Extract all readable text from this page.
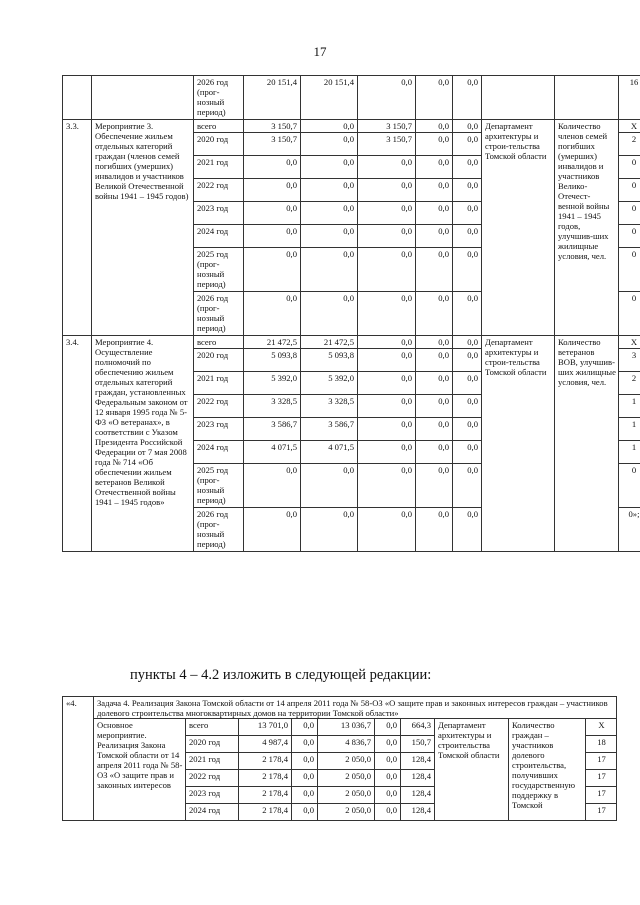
17
		2026 год (прог-нозный период)	20 151,4	20 151,4	0,0	0,0	0,0			16
3.3.	Мероприятие 3. Обеспечение жильем отдельных категорий граждан (членов семей погибших (умерших) инвалидов и участников Великой Отечественной войны 1941 – 1945 годов)	всего	3 150,7	0,0	3 150,7	0,0	0,0	Департамент архитектуры и строи-тельства Томской области	Количество членов семей погибших (умерших) инвалидов и участников Велико-Отечест-венной войны 1941 – 1945 годов, улучшив-ших жилищные условия, чел.	Х
		2020 год	3 150,7	0,0	3 150,7	0,0	0,0			2
		2021 год	0,0	0,0	0,0	0,0	0,0			0
		2022 год	0,0	0,0	0,0	0,0	0,0			0
		2023 год	0,0	0,0	0,0	0,0	0,0			0
		2024 год	0,0	0,0	0,0	0,0	0,0			0
		2025 год (прог-нозный период)	0,0	0,0	0,0	0,0	0,0			0
		2026 год (прог-нозный период)	0,0	0,0	0,0	0,0	0,0			0
3.4.	Мероприятие 4. Осуществление полномочий по обеспечению жильем отдельных категорий граждан, установленных Федеральным законом от 12 января 1995 года № 5-ФЗ «О ветеранах», в соответствии с Указом Президента Российской Федерации от 7 мая 2008 года № 714 «Об обеспечении жильем ветеранов Великой Отечественной войны 1941 – 1945 годов»	всего	21 472,5	21 472,5	0,0	0,0	0,0	Департамент архитектуры и строи-тельства Томской области	Количество ветеранов ВОВ, улучшив-ших жилищные условия, чел.	Х
		2020 год	5 093,8	5 093,8	0,0	0,0	0,0			3
		2021 год	5 392,0	5 392,0	0,0	0,0	0,0			2
		2022 год	3 328,5	3 328,5	0,0	0,0	0,0			1
		2023 год	3 586,7	3 586,7	0,0	0,0	0,0			1
		2024 год	4 071,5	4 071,5	0,0	0,0	0,0			1
		2025 год (прог-нозный период)	0,0	0,0	0,0	0,0	0,0			0
		2026 год (прог-нозный период)	0,0	0,0	0,0	0,0	0,0			0»;
пункты 4 – 4.2 изложить в следующей редакции:
«4.	Задача 4. Реализация Закона Томской области от 14 апреля 2011 года № 58-ОЗ «О защите прав и законных интересов граждан – участников долевого строительства многоквартирных домов на территории Томской области»									
	Основное мероприятие. Реализация Закона Томской области от 14 апреля 2011 года № 58-ОЗ «О защите прав и законных интересов	всего	13 701,0	0,0	13 036,7	0,0	664,3	Департамент архитектуры и строительства Томской области	Количество граждан – участников долевого строительства, получивших государственную поддержку в Томской	Х
		2020 год	4 987,4	0,0	4 836,7	0,0	150,7			18
		2021 год	2 178,4	0,0	2 050,0	0,0	128,4			17
		2022 год	2 178,4	0,0	2 050,0	0,0	128,4			17
		2023 год	2 178,4	0,0	2 050,0	0,0	128,4			17
		2024 год	2 178,4	0,0	2 050,0	0,0	128,4			17
